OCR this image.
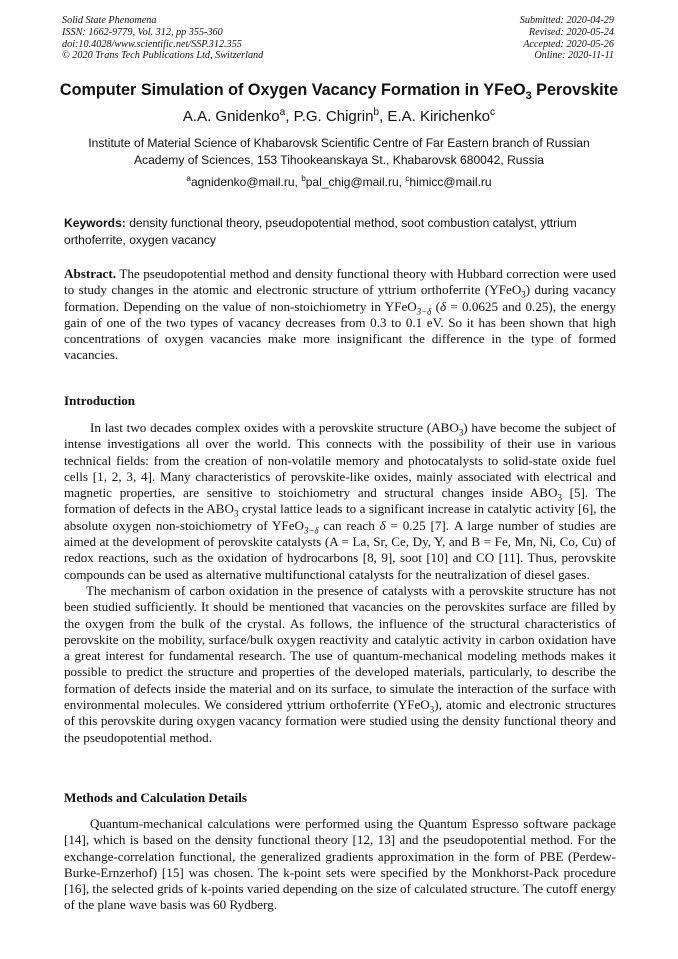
Solid State Phenomena
ISSN: 1662-9779, Vol. 312, pp 355-360
doi:10.4028/www.scientific.net/SSP.312.355
© 2020 Trans Tech Publications Ltd, Switzerland
Submitted: 2020-04-29
Revised: 2020-05-24
Accepted: 2020-05-26
Online: 2020-11-11
Computer Simulation of Oxygen Vacancy Formation in YFeO$_3$ Perovskite
A.A. Gnidenko$^a$, P.G. Chigrin$^b$, E.A. Kirichenko$^c$
Institute of Material Science of Khabarovsk Scientific Centre of Far Eastern branch of Russian Academy of Sciences, 153 Tihookeanskaya St., Khabarovsk 680042, Russia
$^a$agnidenko@mail.ru, $^b$pal_chig@mail.ru, $^c$himicc@mail.ru
Keywords: density functional theory, pseudopotential method, soot combustion catalyst, yttrium orthoferrite, oxygen vacancy
Abstract. The pseudopotential method and density functional theory with Hubbard correction were used to study changes in the atomic and electronic structure of yttrium orthoferrite (YFeO$_3$) during vacancy formation. Depending on the value of non-stoichiometry in YFeO$_{3-\delta}$ (δ = 0.0625 and 0.25), the energy gain of one of the two types of vacancy decreases from 0.3 to 0.1 eV. So it has been shown that high concentrations of oxygen vacancies make more insignificant the difference in the type of formed vacancies.
Introduction

In last two decades complex oxides with a perovskite structure $(ABO_3)$ have become the subject of intense investigations all over the world. This connects with the possibility of their use in various technical fields: from the creation of non-volatile memory and photocatalysts to solid-state oxide fuel cells [1, 2, 3, 4]. Many characteristics of perovskite-like oxides, mainly associated with electrical and magnetic properties, are sensitive to stoichiometry and structural changes inside $ABO_3$ [5]. The formation of defects in the $ABO_3$ crystal lattice leads to a significant increase in catalytic activity [6], the absolute oxygen non-stoichiometry of YFeO$_{3-\delta}$ can reach δ = 0.25 [7]. A large number of studies are aimed at the development of perovskite catalysts (A = La, Sr, Ce, Dy, Y, and B = Fe, Mn, Ni, Co, Cu) of redox reactions, such as the oxidation of hydrocarbons [8, 9], soot [10] and CO [11]. Thus, perovskite compounds can be used as alternative multifunctional catalysts for the neutralization of diesel gases.

The mechanism of carbon oxidation in the presence of catalysts with a perovskite structure has not been studied sufficiently. It should be mentioned that vacancies on the perovskites surface are filled by the oxygen from the bulk of the crystal. As follows, the influence of the structural characteristics of perovskite on the mobility, surface/bulk oxygen reactivity and catalytic activity in carbon oxidation have a great interest for fundamental research. The use of quantum-mechanical modeling methods makes it possible to predict the structure and properties of the developed materials, particularly, to describe the formation of defects inside the material and on its surface, to simulate the interaction of the surface with environmental molecules. We considered yttrium orthoferrite (YFeO$_3$), atomic and electronic structures of this perovskite during oxygen vacancy formation were studied using the density functional theory and the pseudopotential method.

Methods and Calculation Details

Quantum-mechanical calculations were performed using the Quantum Espresso software package [14], which is based on the density functional theory [12, 13] and the pseudopotential method. For the exchange-correlation functional, the generalized gradients approximation in the form of PBE (Perdew-Burke-Ernzerhof) [15] was chosen. The k-point sets were specified by the Monkhorst-Pack procedure [16], the selected grids of k-points varied depending on the size of calculated structure. The cutoff energy of the plane wave basis was 60 Rydberg.
